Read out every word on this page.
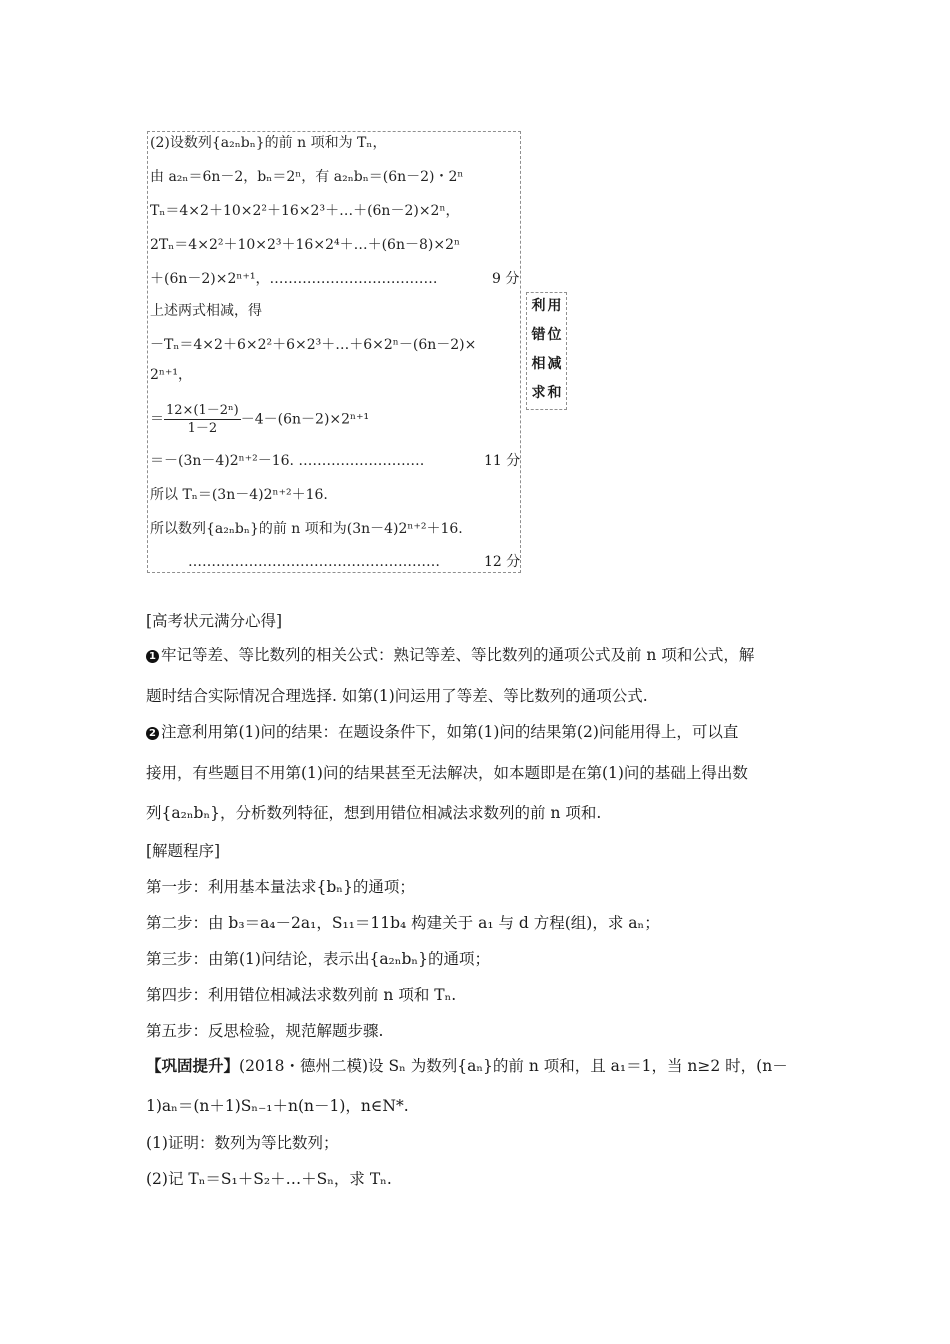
(2)设数列{a₂ₙbₙ}的前 n 项和为 Tₙ，
由 a₂ₙ＝6n－2，bₙ＝2ⁿ，有 a₂ₙbₙ＝(6n－2)・2ⁿ
Tₙ＝4×2＋10×2²＋16×2³＋…＋(6n－2)×2ⁿ，
2Tₙ＝4×2²＋10×2³＋16×2⁴＋…＋(6n－8)×2ⁿ
＋(6n－2)×2ⁿ⁺¹，………………………………	9 分
上述两式相减，得
－Tₙ＝4×2＋6×2²＋6×2³＋…＋6×2ⁿ－(6n－2)×
2ⁿ⁺¹，
＝ $\frac{\text{12×(1－2ⁿ)}}{1-2} -4-(6n-2)\times 2^{n+1}$
＝－(3n－4)2ⁿ⁺²－16. ………………………	11 分
所以 Tₙ＝(3n－4)2ⁿ⁺²＋16.
所以数列{a₂ₙbₙ}的前 n 项和为(3n－4)2ⁿ⁺²＋16.
………………………………………………	12 分
利用
错位
相减
求和
[高考状元满分心得]
1 牢记等差、等比数列的相关公式：熟记等差、等比数列的通项公式及前 n 项和公式，解
题时结合实际情况合理选择. 如第(1)问运用了等差、等比数列的通项公式.
2 注意利用第(1)问的结果：在题设条件下，如第(1)问的结果第(2)问能用得上，可以直
接用，有些题目不用第(1)问的结果甚至无法解决，如本题即是在第(1)问的基础上得出数
列{a₂ₙbₙ}，分析数列特征，想到用错位相减法求数列的前 n 项和.
[解题程序]
第一步：利用基本量法求{bₙ}的通项；
第二步：由 b₃＝a₄－2a₁，S₁₁＝11b₄ 构建关于 a₁ 与 d 方程(组)，求 aₙ；
第三步：由第(1)问结论，表示出{a₂ₙbₙ}的通项；
第四步：利用错位相减法求数列前 n 项和 Tₙ.
第五步：反思检验，规范解题步骤.
【巩固提升】(2018・德州二模)设 Sₙ 为数列{aₙ}的前 n 项和，且 a₁＝1，当 n≥2 时，(n－
1)aₙ＝(n＋1)Sₙ₋₁＋n(n－1)，n∈N*.
(1)证明：数列为等比数列；
(2)记 Tₙ＝S₁＋S₂＋…＋Sₙ，求 Tₙ.
